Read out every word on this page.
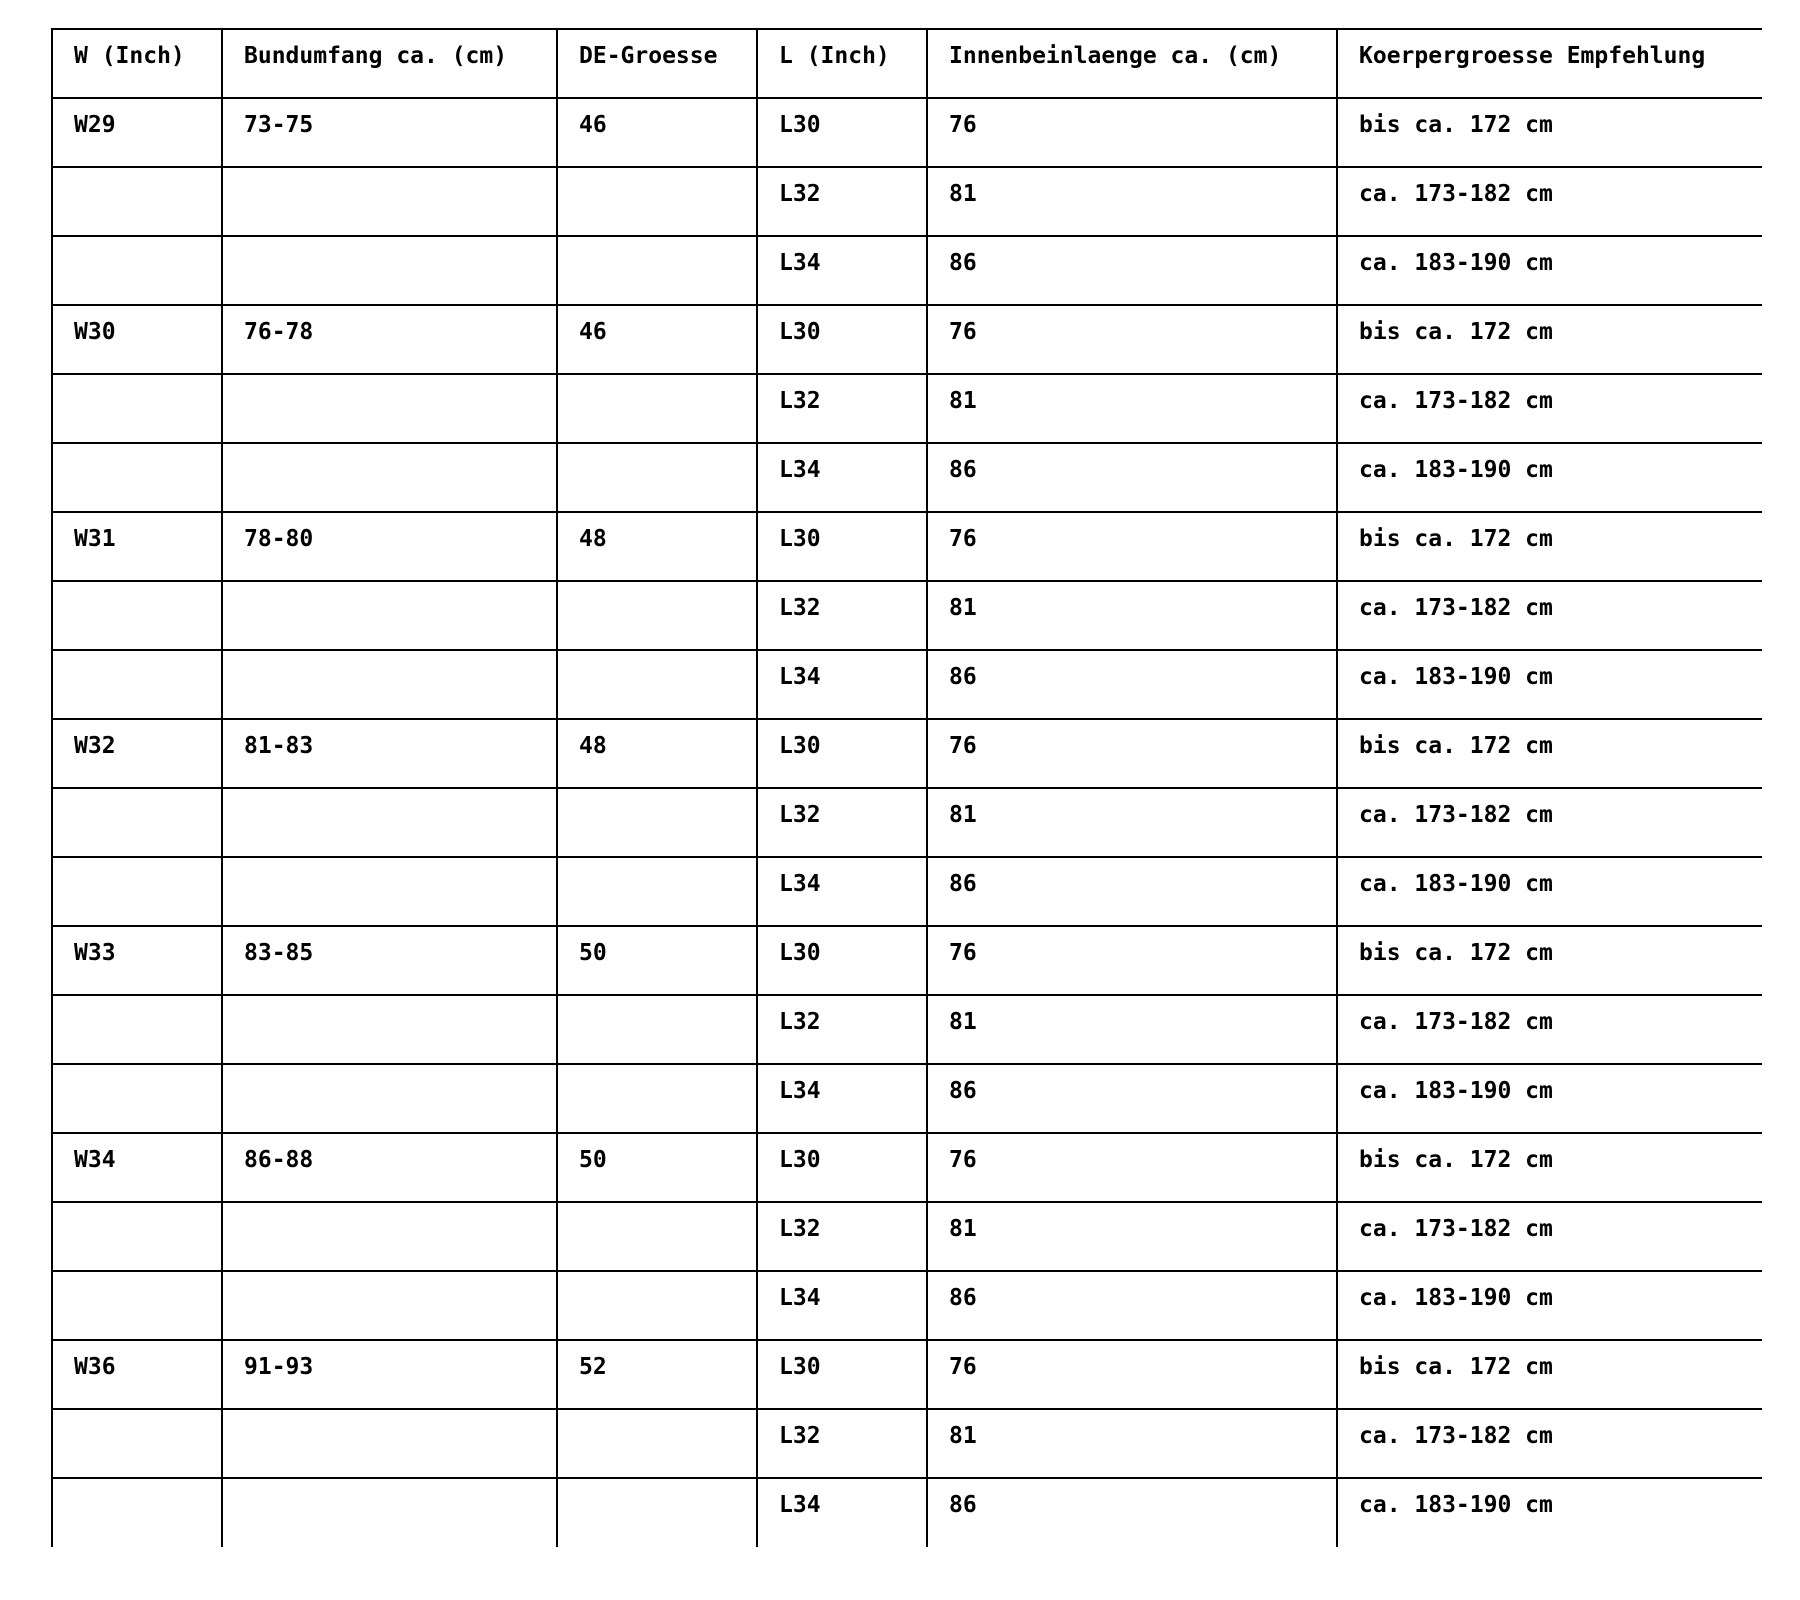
W (Inch)	Bundumfang ca. (cm)	DE-Groesse	L (Inch)	Innenbeinlaenge ca. (cm)	Koerpergroesse Empfehlung
W29	73-75	46	L30	76	bis ca. 172 cm
			L32	81	ca. 173-182 cm
			L34	86	ca. 183-190 cm
W30	76-78	46	L30	76	bis ca. 172 cm
			L32	81	ca. 173-182 cm
			L34	86	ca. 183-190 cm
W31	78-80	48	L30	76	bis ca. 172 cm
			L32	81	ca. 173-182 cm
			L34	86	ca. 183-190 cm
W32	81-83	48	L30	76	bis ca. 172 cm
			L32	81	ca. 173-182 cm
			L34	86	ca. 183-190 cm
W33	83-85	50	L30	76	bis ca. 172 cm
			L32	81	ca. 173-182 cm
			L34	86	ca. 183-190 cm
W34	86-88	50	L30	76	bis ca. 172 cm
			L32	81	ca. 173-182 cm
			L34	86	ca. 183-190 cm
W36	91-93	52	L30	76	bis ca. 172 cm
			L32	81	ca. 173-182 cm
			L34	86	ca. 183-190 cm
